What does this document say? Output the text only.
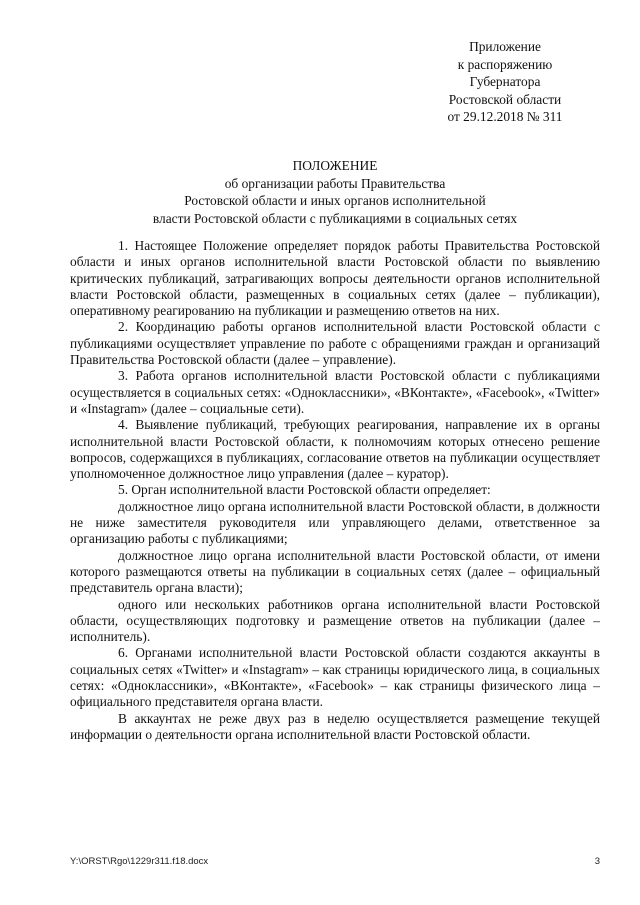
Приложение
к распоряжению
Губернатора
Ростовской области
от 29.12.2018 № 311
ПОЛОЖЕНИЕ
об организации работы Правительства
Ростовской области и иных органов исполнительной
власти Ростовской области с публикациями в социальных сетях

1. Настоящее Положение определяет порядок работы Правительства Ростовской области и иных органов исполнительной власти Ростовской области по выявлению критических публикаций, затрагивающих вопросы деятельности органов исполнительной власти Ростовской области, размещенных в социальных сетях (далее – публикации), оперативному реагированию на публикации и размещению ответов на них.

2. Координацию работы органов исполнительной власти Ростовской области с публикациями осуществляет управление по работе с обращениями граждан и организаций Правительства Ростовской области (далее – управление).

3. Работа органов исполнительной власти Ростовской области с публикациями осуществляется в социальных сетях: «Одноклассники», «ВКонтакте», «Facebook», «Twitter» и «Instagram» (далее – социальные сети).

4. Выявление публикаций, требующих реагирования, направление их в органы исполнительной власти Ростовской области, к полномочиям которых отнесено решение вопросов, содержащихся в публикациях, согласование ответов на публикации осуществляет уполномоченное должностное лицо управления (далее – куратор).

5. Орган исполнительной власти Ростовской области определяет:

должностное лицо органа исполнительной власти Ростовской области, в должности не ниже заместителя руководителя или управляющего делами, ответственное за организацию работы с публикациями;

должностное лицо органа исполнительной власти Ростовской области, от имени которого размещаются ответы на публикации в социальных сетях (далее – официальный представитель органа власти);

одного или нескольких работников органа исполнительной власти Ростовской области, осуществляющих подготовку и размещение ответов на публикации (далее – исполнитель).

6. Органами исполнительной власти Ростовской области создаются аккаунты в социальных сетях «Twitter» и «Instagram» – как страницы юридического лица, в социальных сетях: «Одноклассники», «ВКонтакте», «Facebook» – как страницы физического лица – официального представителя органа власти.

В аккаунтах не реже двух раз в неделю осуществляется размещение текущей информации о деятельности органа исполнительной власти Ростовской области.

Y:\ORST\Rgo\1229r311.f18.docx	3
